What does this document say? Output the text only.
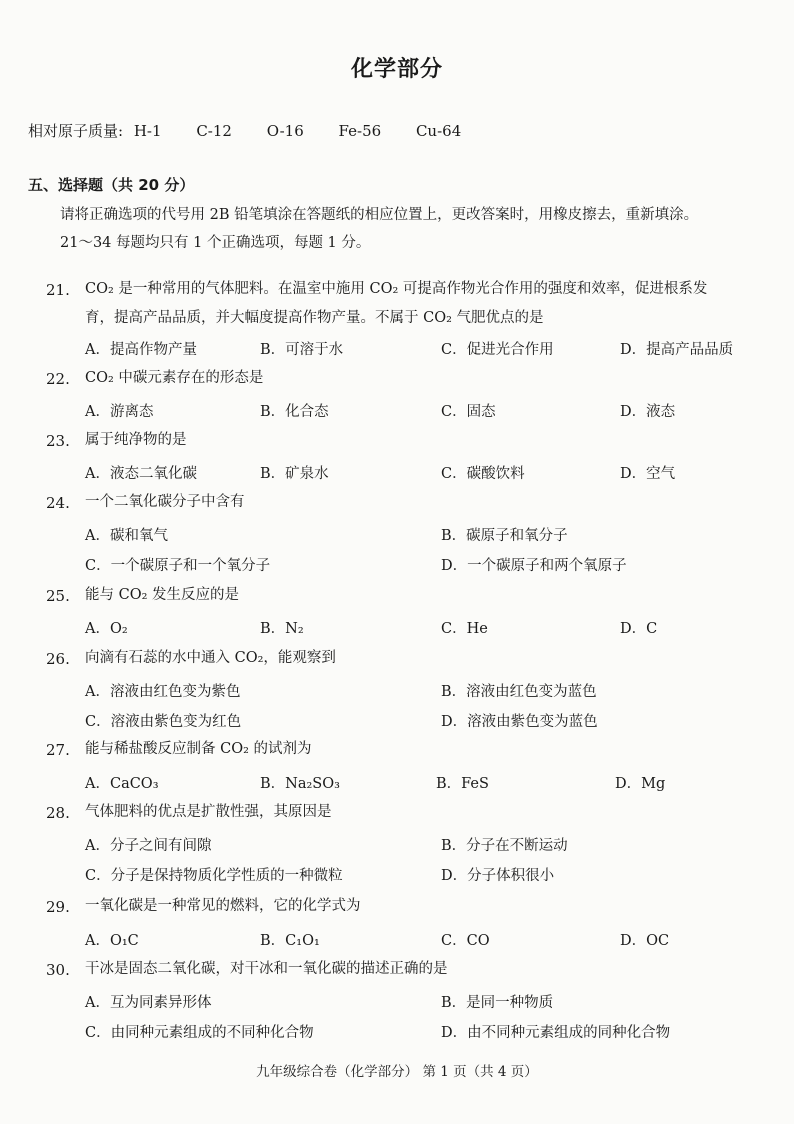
化学部分
相对原子质量: H-1 C-12 O-16 Fe-56 Cu-64
五、选择题（共 20 分）
请将正确选项的代号用 2B 铅笔填涂在答题纸的相应位置上，更改答案时，用橡皮擦去，重新填涂。
21～34 每题均只有 1 个正确选项，每题 1 分。
21. CO₂ 是一种常用的气体肥料。在温室中施用 CO₂ 可提高作物光合作用的强度和效率，促进根系发
育，提高产品品质，并大幅度提高作物产量。不属于 CO₂ 气肥优点的是
A．提高作物产量	B．可溶于水	C．促进光合作用	D．提高产品品质
22. CO₂ 中碳元素存在的形态是
A．游离态	B．化合态	C．固态	D．液态
23. 属于纯净物的是
A．液态二氧化碳	B．矿泉水	C．碳酸饮料	D．空气
24. 一个二氧化碳分子中含有
A．碳和氧气	B．碳原子和氧分子
C．一个碳原子和一个氧分子	D．一个碳原子和两个氧原子
25. 能与 CO₂ 发生反应的是
A．O₂	B．N₂	C．He	D．C
26. 向滴有石蕊的水中通入 CO₂，能观察到
A．溶液由红色变为紫色	B．溶液由红色变为蓝色
C．溶液由紫色变为红色	D．溶液由紫色变为蓝色
27. 能与稀盐酸反应制备 CO₂ 的试剂为
A．CaCO₃	B．Na₂SO₃	B．FeS	D．Mg
28. 气体肥料的优点是扩散性强，其原因是
A．分子之间有间隙	B．分子在不断运动
C．分子是保持物质化学性质的一种微粒	D．分子体积很小
29. 一氧化碳是一种常见的燃料，它的化学式为
A．O₁C	B．C₁O₁	C．CO	D．OC
30. 干冰是固态二氧化碳，对干冰和一氧化碳的描述正确的是
A．互为同素异形体	B．是同一种物质
C．由同种元素组成的不同种化合物	D．由不同种元素组成的同种化合物
九年级综合卷（化学部分） 第 1 页（共 4 页）
